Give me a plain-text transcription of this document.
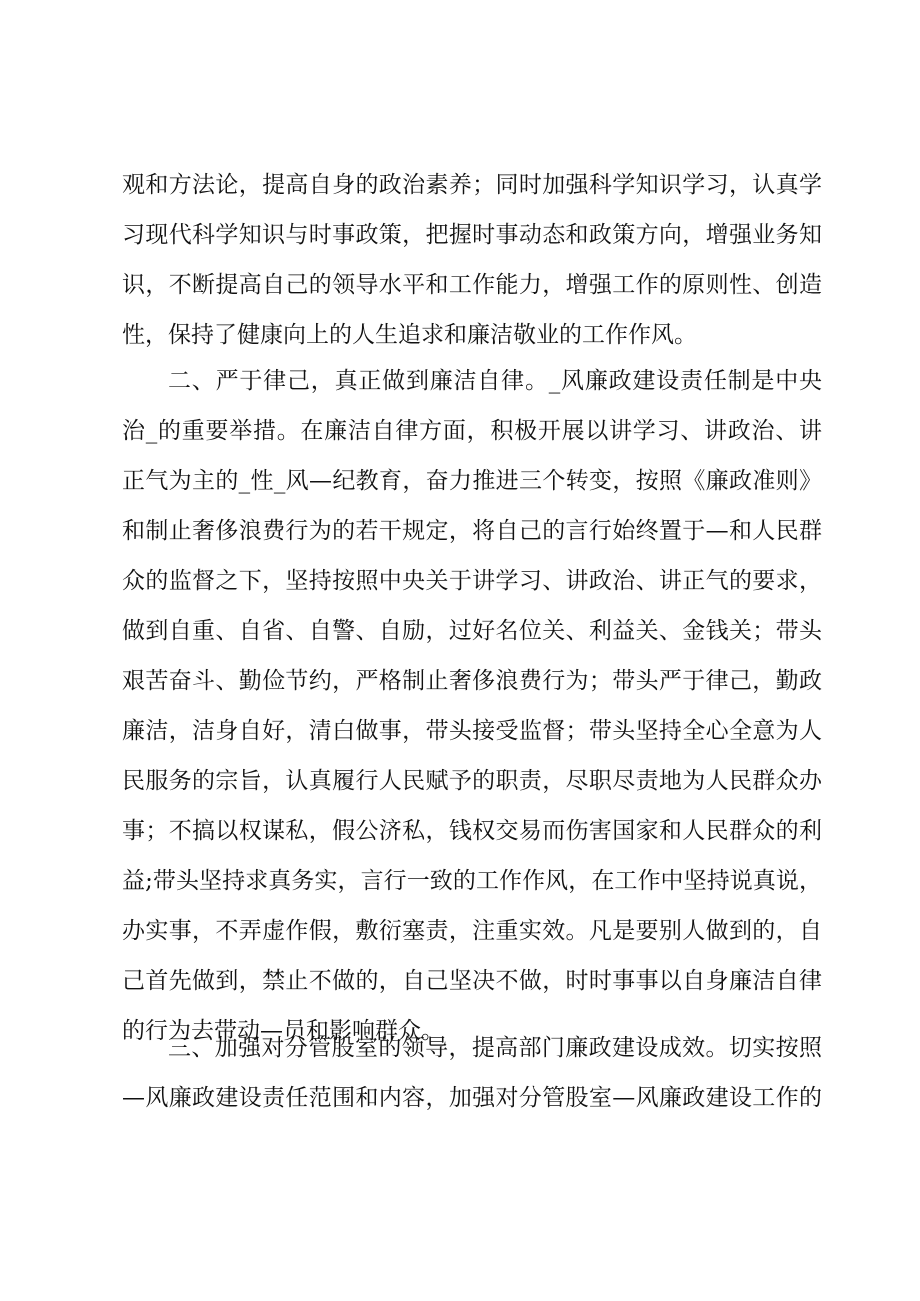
观和方法论，提高自身的政治素养；同时加强科学知识学习，认真学
习现代科学知识与时事政策，把握时事动态和政策方向，增强业务知
识，不断提高自己的领导水平和工作能力，增强工作的原则性、创造
性，保持了健康向上的人生追求和廉洁敬业的工作作风。
二、严于律己，真正做到廉洁自律。_风廉政建设责任制是中央
治_的重要举措。在廉洁自律方面，积极开展以讲学习、讲政治、讲
正气为主的_性_风—纪教育，奋力推进三个转变，按照《廉政准则》
和制止奢侈浪费行为的若干规定，将自己的言行始终置于—和人民群
众的监督之下，坚持按照中央关于讲学习、讲政治、讲正气的要求，
做到自重、自省、自警、自励，过好名位关、利益关、金钱关；带头
艰苦奋斗、勤俭节约，严格制止奢侈浪费行为；带头严于律己，勤政
廉洁，洁身自好，清白做事，带头接受监督；带头坚持全心全意为人
民服务的宗旨，认真履行人民赋予的职责，尽职尽责地为人民群众办
事；不搞以权谋私，假公济私，钱权交易而伤害国家和人民群众的利
益;带头坚持求真务实，言行一致的工作作风，在工作中坚持说真说，
办实事，不弄虚作假，敷衍塞责，注重实效。凡是要别人做到的，自
己首先做到，禁止不做的，自己坚决不做，时时事事以自身廉洁自律
的行为去带动—员和影响群众。
三、加强对分管股室的领导，提高部门廉政建设成效。切实按照
—风廉政建设责任范围和内容，加强对分管股室—风廉政建设工作的
